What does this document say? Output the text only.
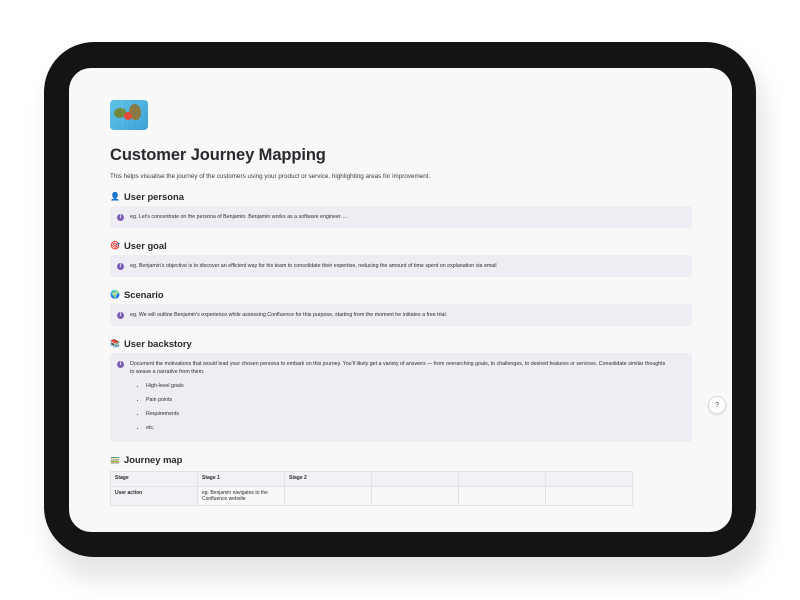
Customer Journey Mapping
This helps visualise the journey of the customers using your product or service, highlighting areas for improvement.
👤 User persona
i	eg. Let's concentrate on the persona of Benjamin. Benjamin works as a software engineer….
🎯 User goal
i	eg. Benjamin's objective is to discover an efficient way for his team to consolidate their expertise, reducing the amount of time spent on explanation via email
🌍 Scenario
i	eg. We will outline Benjamin's experience while assessing Confluence for this purpose, starting from the moment he initiates a free trial.
📚 User backstory
i	Document the motivations that would lead your chosen persona to embark on this journey. You'll likely get a variety of answers — from overarching goals, to challenges, to desired features or services. Consolidate similar thoughts to weave a narrative from them.
• High-level goals
• Pain points
• Requirements
• etc.
🚃 Journey map
Stage	Stage 1	Stage 2			
User action	eg. Benjamin navigates to the Confluence website				
?
